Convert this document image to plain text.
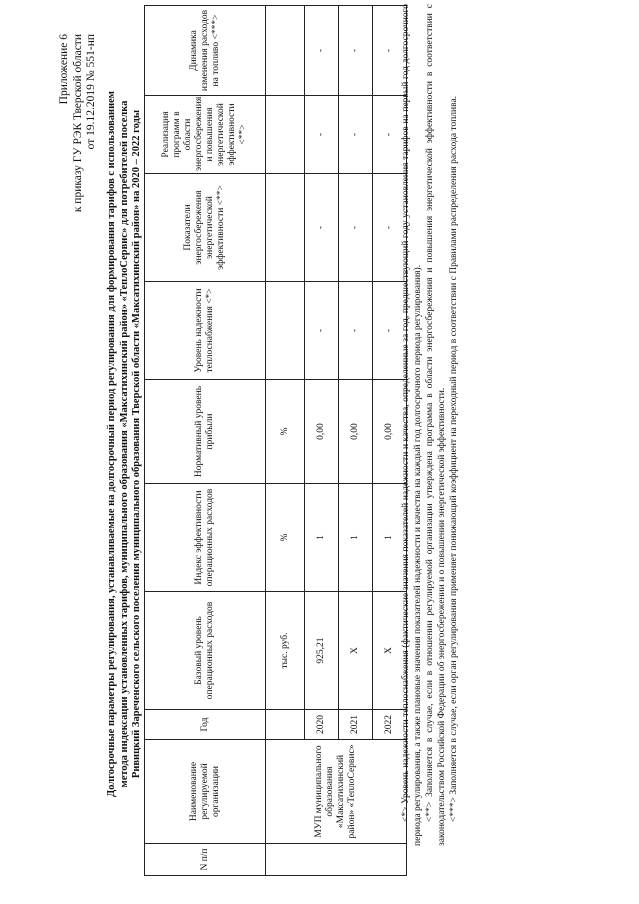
Приложение 6 к приказу ГУ РЭК Тверской области от 19.12.2019 № 551-нп Долгосрочные параметры регулирования, устанавливаемые на долгосрочный период регулирования для формирования тарифов с использованием метода индексации установленных тарифов, муниципального образования «Максатихинский район» «ТеплоСервис» для потребителей поселка Ривицкий Зареченского сельского поселения муниципального образования Тверской области «Максатихинский район» на 2020 – 2022 годы
N п/п	Наименование регулируемой организации	Год	Базовый уровень операционных расходов	Индекс эффективности операционных расходов	Нормативный уровень прибыли	Уровень надежности теплоснабжения <*>	Показатели энергосбережения энергетической эффективности <**>	Реализация программ в области энергосбережения и повышения энергетической эффективности <**>	Динамика изменения расходов на топливо <***>
	МУП муниципального образования «Максатихинский район» «ТеплоСервис»		тыс. руб.	%	%				
		2020	925,21	1	0,00	-	-	-	-
		2021	Х	1	0,00	-	-	-	-
		2022	Х	1	0,00	-	-	-	- <*> Уровень надежности теплоснабжения (фактические значения показателей надежности и качества, определенные за год, предшествующий году установления тарифов на первый год долгосрочного периода регулирования, а также плановые значения показателей надежности и качества на каждый год долгосрочного периода регулирования). <**> Заполняется в случае, если в отношении регулируемой организации утверждена программа в области энергосбережения и повышения энергетической эффективности в соответствии с законодательством Российской Федерации об энергосбережении и о повышении энергетической эффективности. <***> Заполняется в случае, если орган регулирования применяет понижающий коэффициент на переходный период в соответствии с Правилами распределения расхода топлива.
